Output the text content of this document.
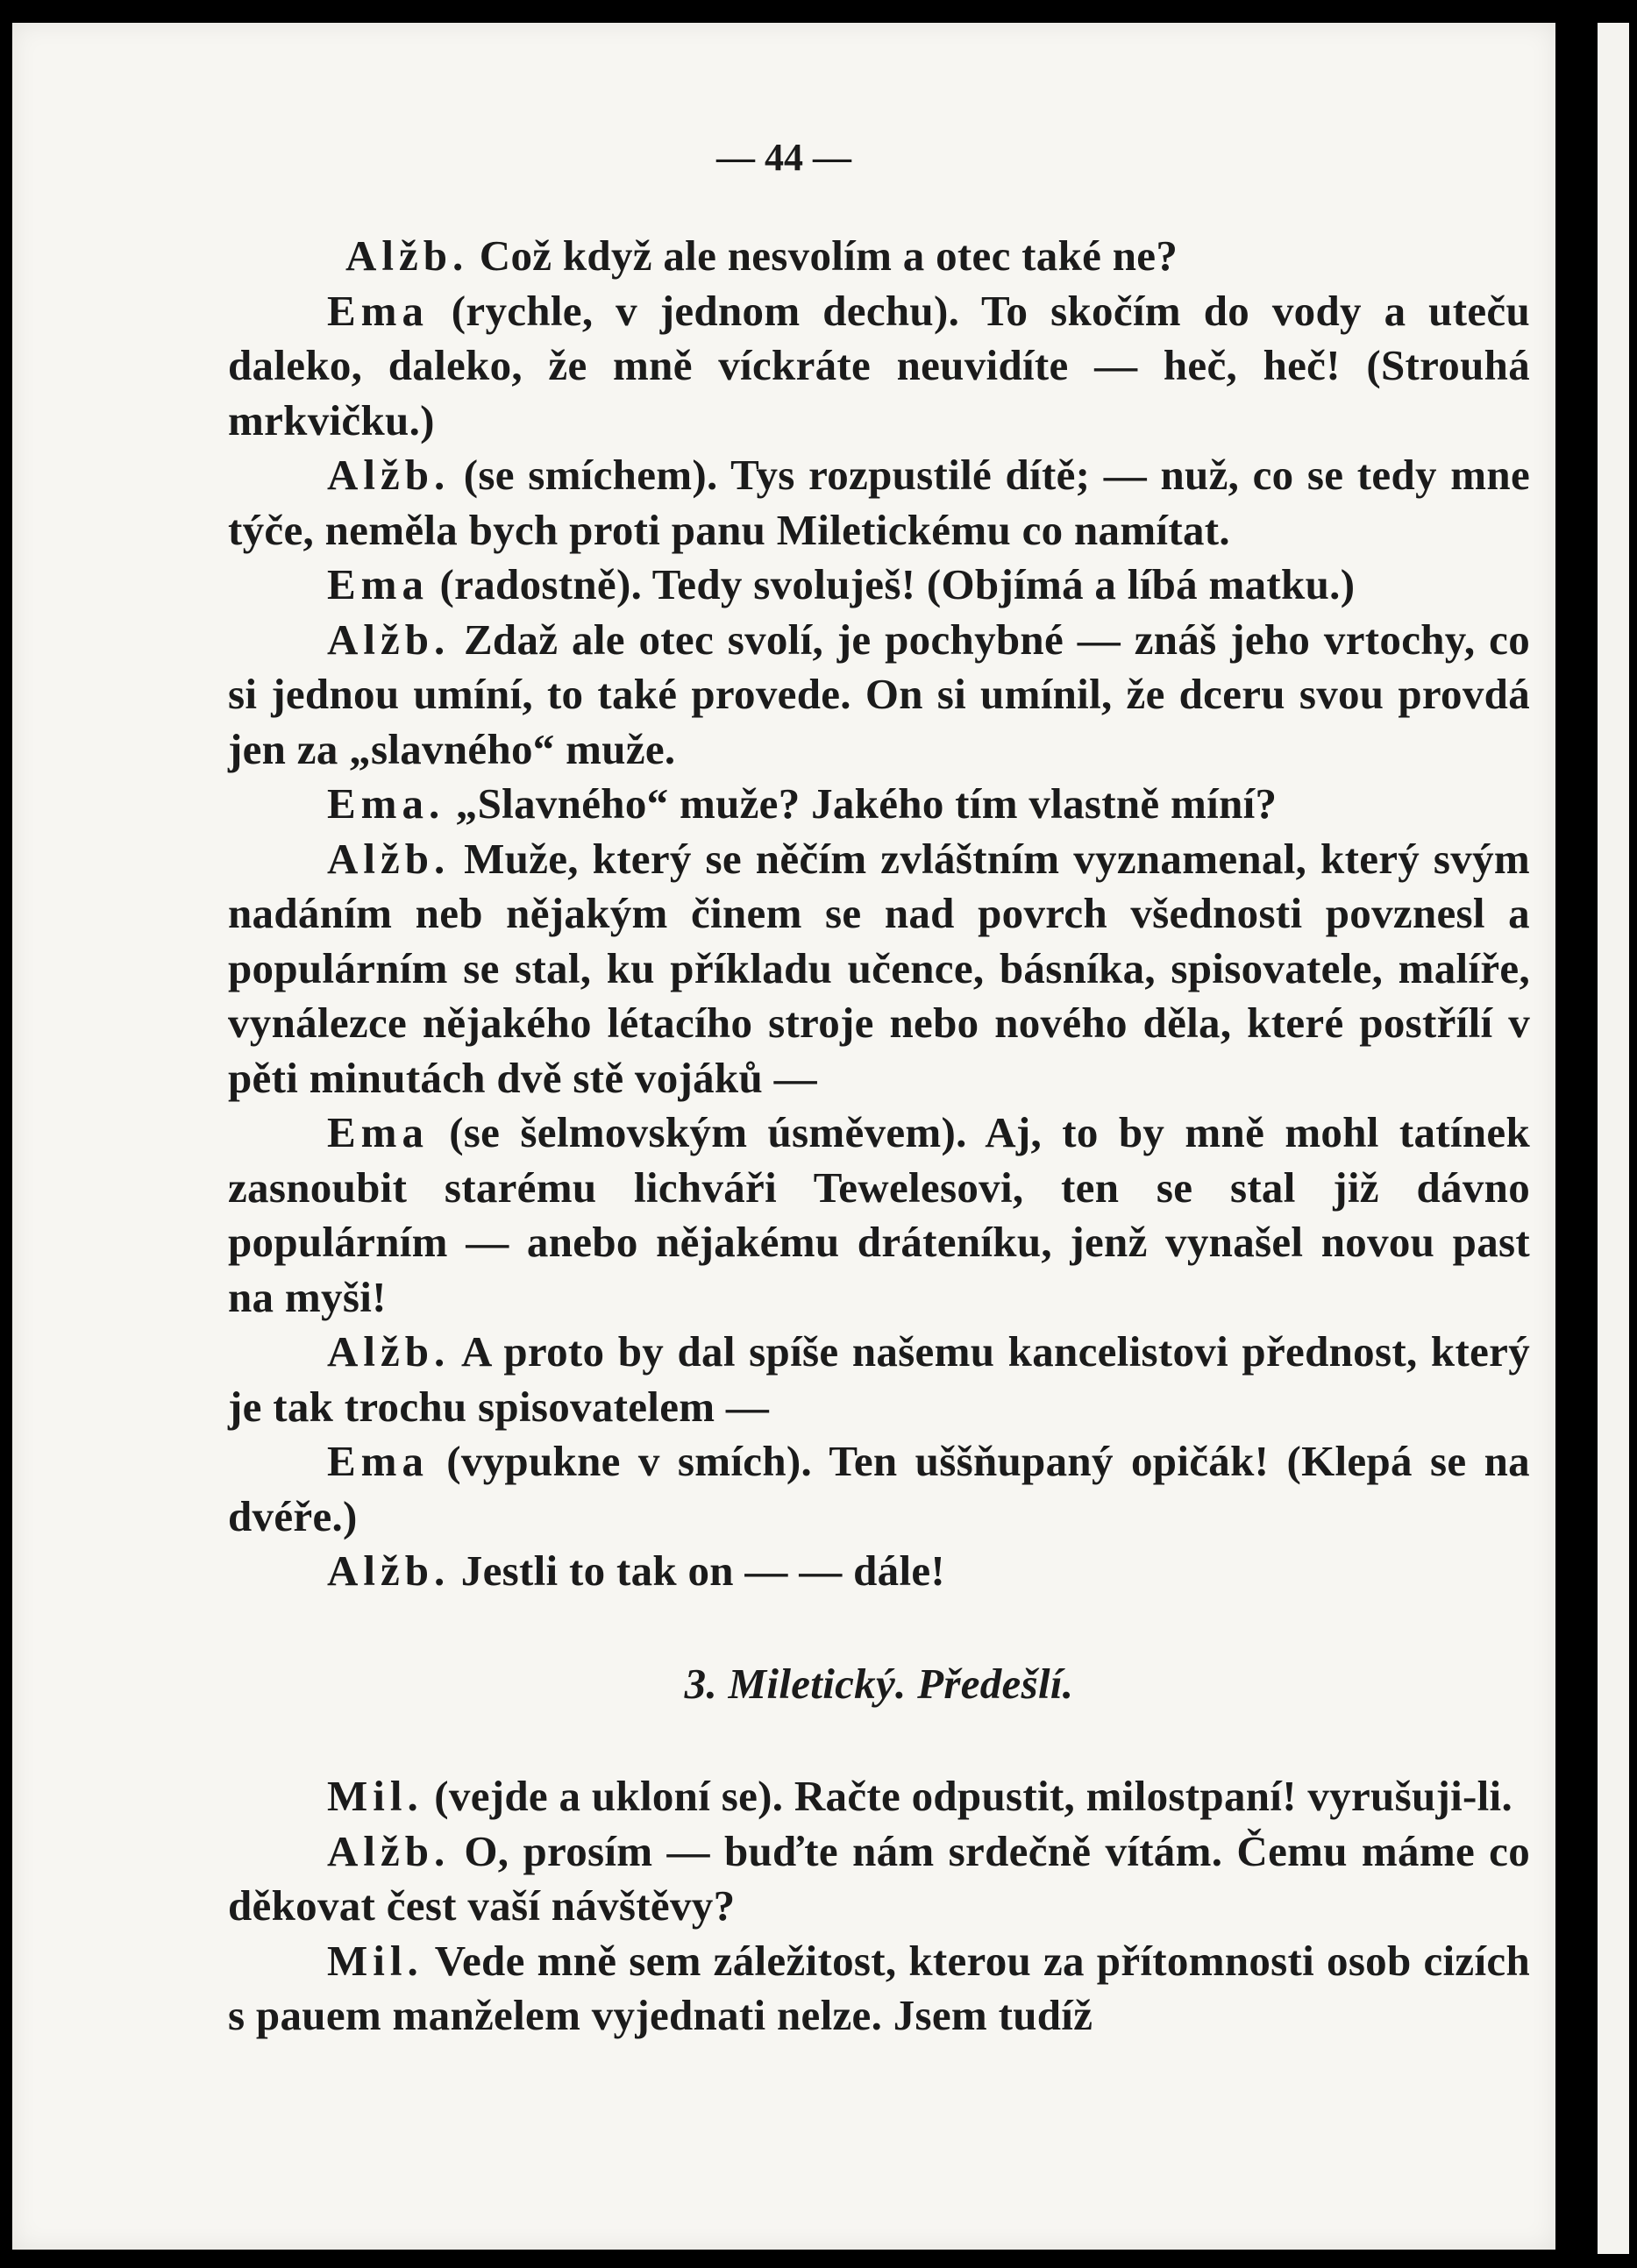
— 44 —

Alžb. Což když ale nesvolím a otec také ne?

Ema (rychle, v jednom dechu). To skočím do vody a uteču daleko, daleko, že mně víckráte neuvidíte — heč, heč! (Strouhá mrkvičku.)

Alžb. (se smíchem). Tys rozpustilé dítě; — nuž, co se tedy mne týče, neměla bych proti panu Miletickému co namítat.

Ema (radostně). Tedy svoluješ! (Objímá a líbá matku.)

Alžb. Zdaž ale otec svolí, je pochybné — znáš jeho vrtochy, co si jednou umíní, to také provede. On si umínil, že dceru svou provdá jen za „slavného“ muže.

Ema. „Slavného“ muže? Jakého tím vlastně míní?

Alžb. Muže, který se něčím zvláštním vyznamenal, který svým nadáním neb nějakým činem se nad povrch všednosti povznesl a populárním se stal, ku příkladu učence, básníka, spisovatele, malíře, vynálezce nějakého létacího stroje nebo nového děla, které postřílí v pěti minutách dvě stě vojáků —

Ema (se šelmovským úsměvem). Aj, to by mně mohl tatínek zasnoubit starému lichváři Tewelesovi, ten se stal již dávno populárním — anebo nějakému dráteníku, jenž vynašel novou past na myši!

Alžb. A proto by dal spíše našemu kancelistovi přednost, který je tak trochu spisovatelem —

Ema (vypukne v smích). Ten uššňupaný opičák! (Klepá se na dvéře.)

Alžb. Jestli to tak on — — dále!

3. Miletický. Předešlí.

Mil. (vejde a ukloní se). Račte odpustit, milostpaní! vyrušuji-li.

Alžb. O, prosím — buďte nám srdečně vítám. Čemu máme co děkovat čest vaší návštěvy?

Mil. Vede mně sem záležitost, kterou za přítomnosti osob cizích s pauem manželem vyjednati nelze. Jsem tudíž
